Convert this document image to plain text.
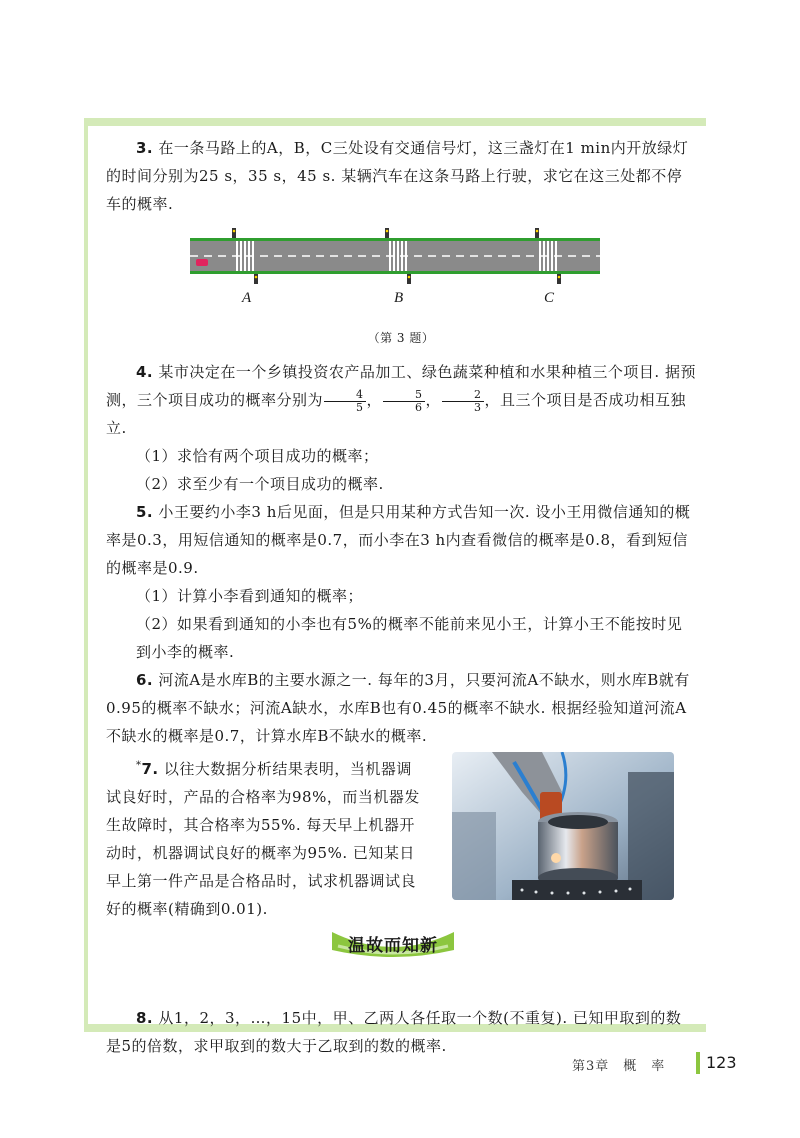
3. 在一条马路上的A，B，C三处设有交通信号灯，这三盏灯在1 min内开放绿灯的时间分别为25 s，35 s，45 s. 某辆汽车在这条马路上行驶，求它在这三处都不停车的概率.

A	B	C

（第 3 题）

4. 某市决定在一个乡镇投资农产品加工、绿色蔬菜种植和水果种植三个项目. 据预测，三个项目成功的概率分别为 $\frac{4}{5}$ ， $\frac{5}{6}$ ， $\frac{2}{3}$ ，且三个项目是否成功相互独立.

（1）求恰有两个项目成功的概率；

（2）求至少有一个项目成功的概率.

5. 小王要约小李3 h后见面，但是只用某种方式告知一次. 设小王用微信通知的概率是0.3，用短信通知的概率是0.7，而小李在3 h内查看微信的概率是0.8，看到短信的概率是0.9.

（1）计算小李看到通知的概率；

（2）如果看到通知的小李也有5%的概率不能前来见小王，计算小王不能按时见到小李的概率.

6. 河流A是水库B的主要水源之一. 每年的3月，只要河流A不缺水，则水库B就有0.95的概率不缺水；河流A缺水，水库B也有0.45的概率不缺水. 根据经验知道河流A不缺水的概率是0.7，计算水库B不缺水的概率.

*7. 以往大数据分析结果表明，当机器调试良好时，产品的合格率为98%，而当机器发生故障时，其合格率为55%. 每天早上机器开动时，机器调试良好的概率为95%. 已知某日早上第一件产品是合格品时，试求机器调试良好的概率(精确到0.01).

温故而知新

8. 从1，2，3，…，15中，甲、乙两人各任取一个数(不重复). 已知甲取到的数是5的倍数，求甲取到的数大于乙取到的数的概率.

第3章　概　率	123
